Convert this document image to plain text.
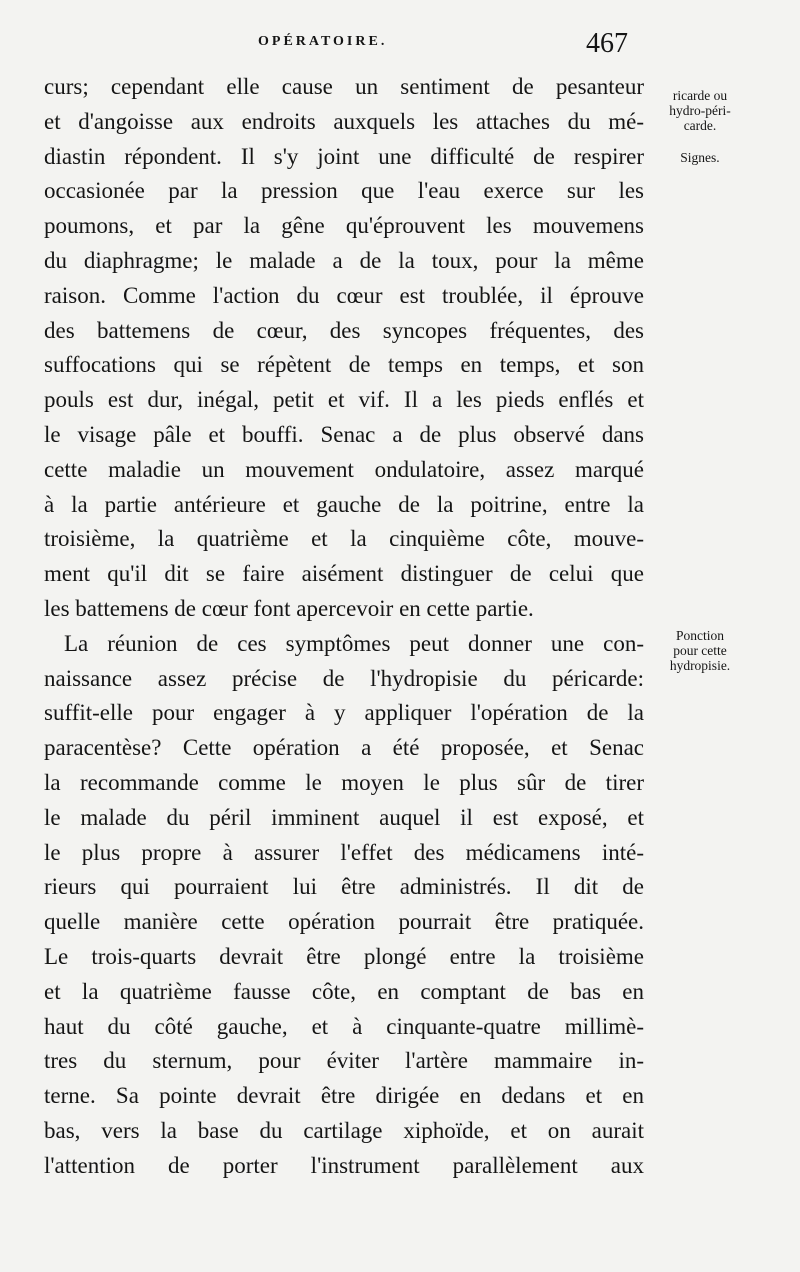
OPÉRATOIRE.	467
ricarde ou
hydro-péri-
carde.
Signes.
Ponction
pour cette
hydropisie.
curs; cependant elle cause un sentiment de pesanteur
et d'angoisse aux endroits auxquels les attaches du mé-
diastin répondent. Il s'y joint une difficulté de respirer
occasionée par la pression que l'eau exerce sur les
poumons, et par la gêne qu'éprouvent les mouvemens
du diaphragme; le malade a de la toux, pour la même
raison. Comme l'action du cœur est troublée, il éprouve
des battemens de cœur, des syncopes fréquentes, des
suffocations qui se répètent de temps en temps, et son
pouls est dur, inégal, petit et vif. Il a les pieds enflés et
le visage pâle et bouffi. Senac a de plus observé dans
cette maladie un mouvement ondulatoire, assez marqué
à la partie antérieure et gauche de la poitrine, entre la
troisième, la quatrième et la cinquième côte, mouve-
ment qu'il dit se faire aisément distinguer de celui que
les battemens de cœur font apercevoir en cette partie.
La réunion de ces symptômes peut donner une con-
naissance assez précise de l'hydropisie du péricarde:
suffit-elle pour engager à y appliquer l'opération de la
paracentèse? Cette opération a été proposée, et Senac
la recommande comme le moyen le plus sûr de tirer
le malade du péril imminent auquel il est exposé, et
le plus propre à assurer l'effet des médicamens inté-
rieurs qui pourraient lui être administrés. Il dit de
quelle manière cette opération pourrait être pratiquée.
Le trois-quarts devrait être plongé entre la troisième
et la quatrième fausse côte, en comptant de bas en
haut du côté gauche, et à cinquante-quatre millimè-
tres du sternum, pour éviter l'artère mammaire in-
terne. Sa pointe devrait être dirigée en dedans et en
bas, vers la base du cartilage xiphoïde, et on aurait
l'attention de porter l'instrument parallèlement aux
